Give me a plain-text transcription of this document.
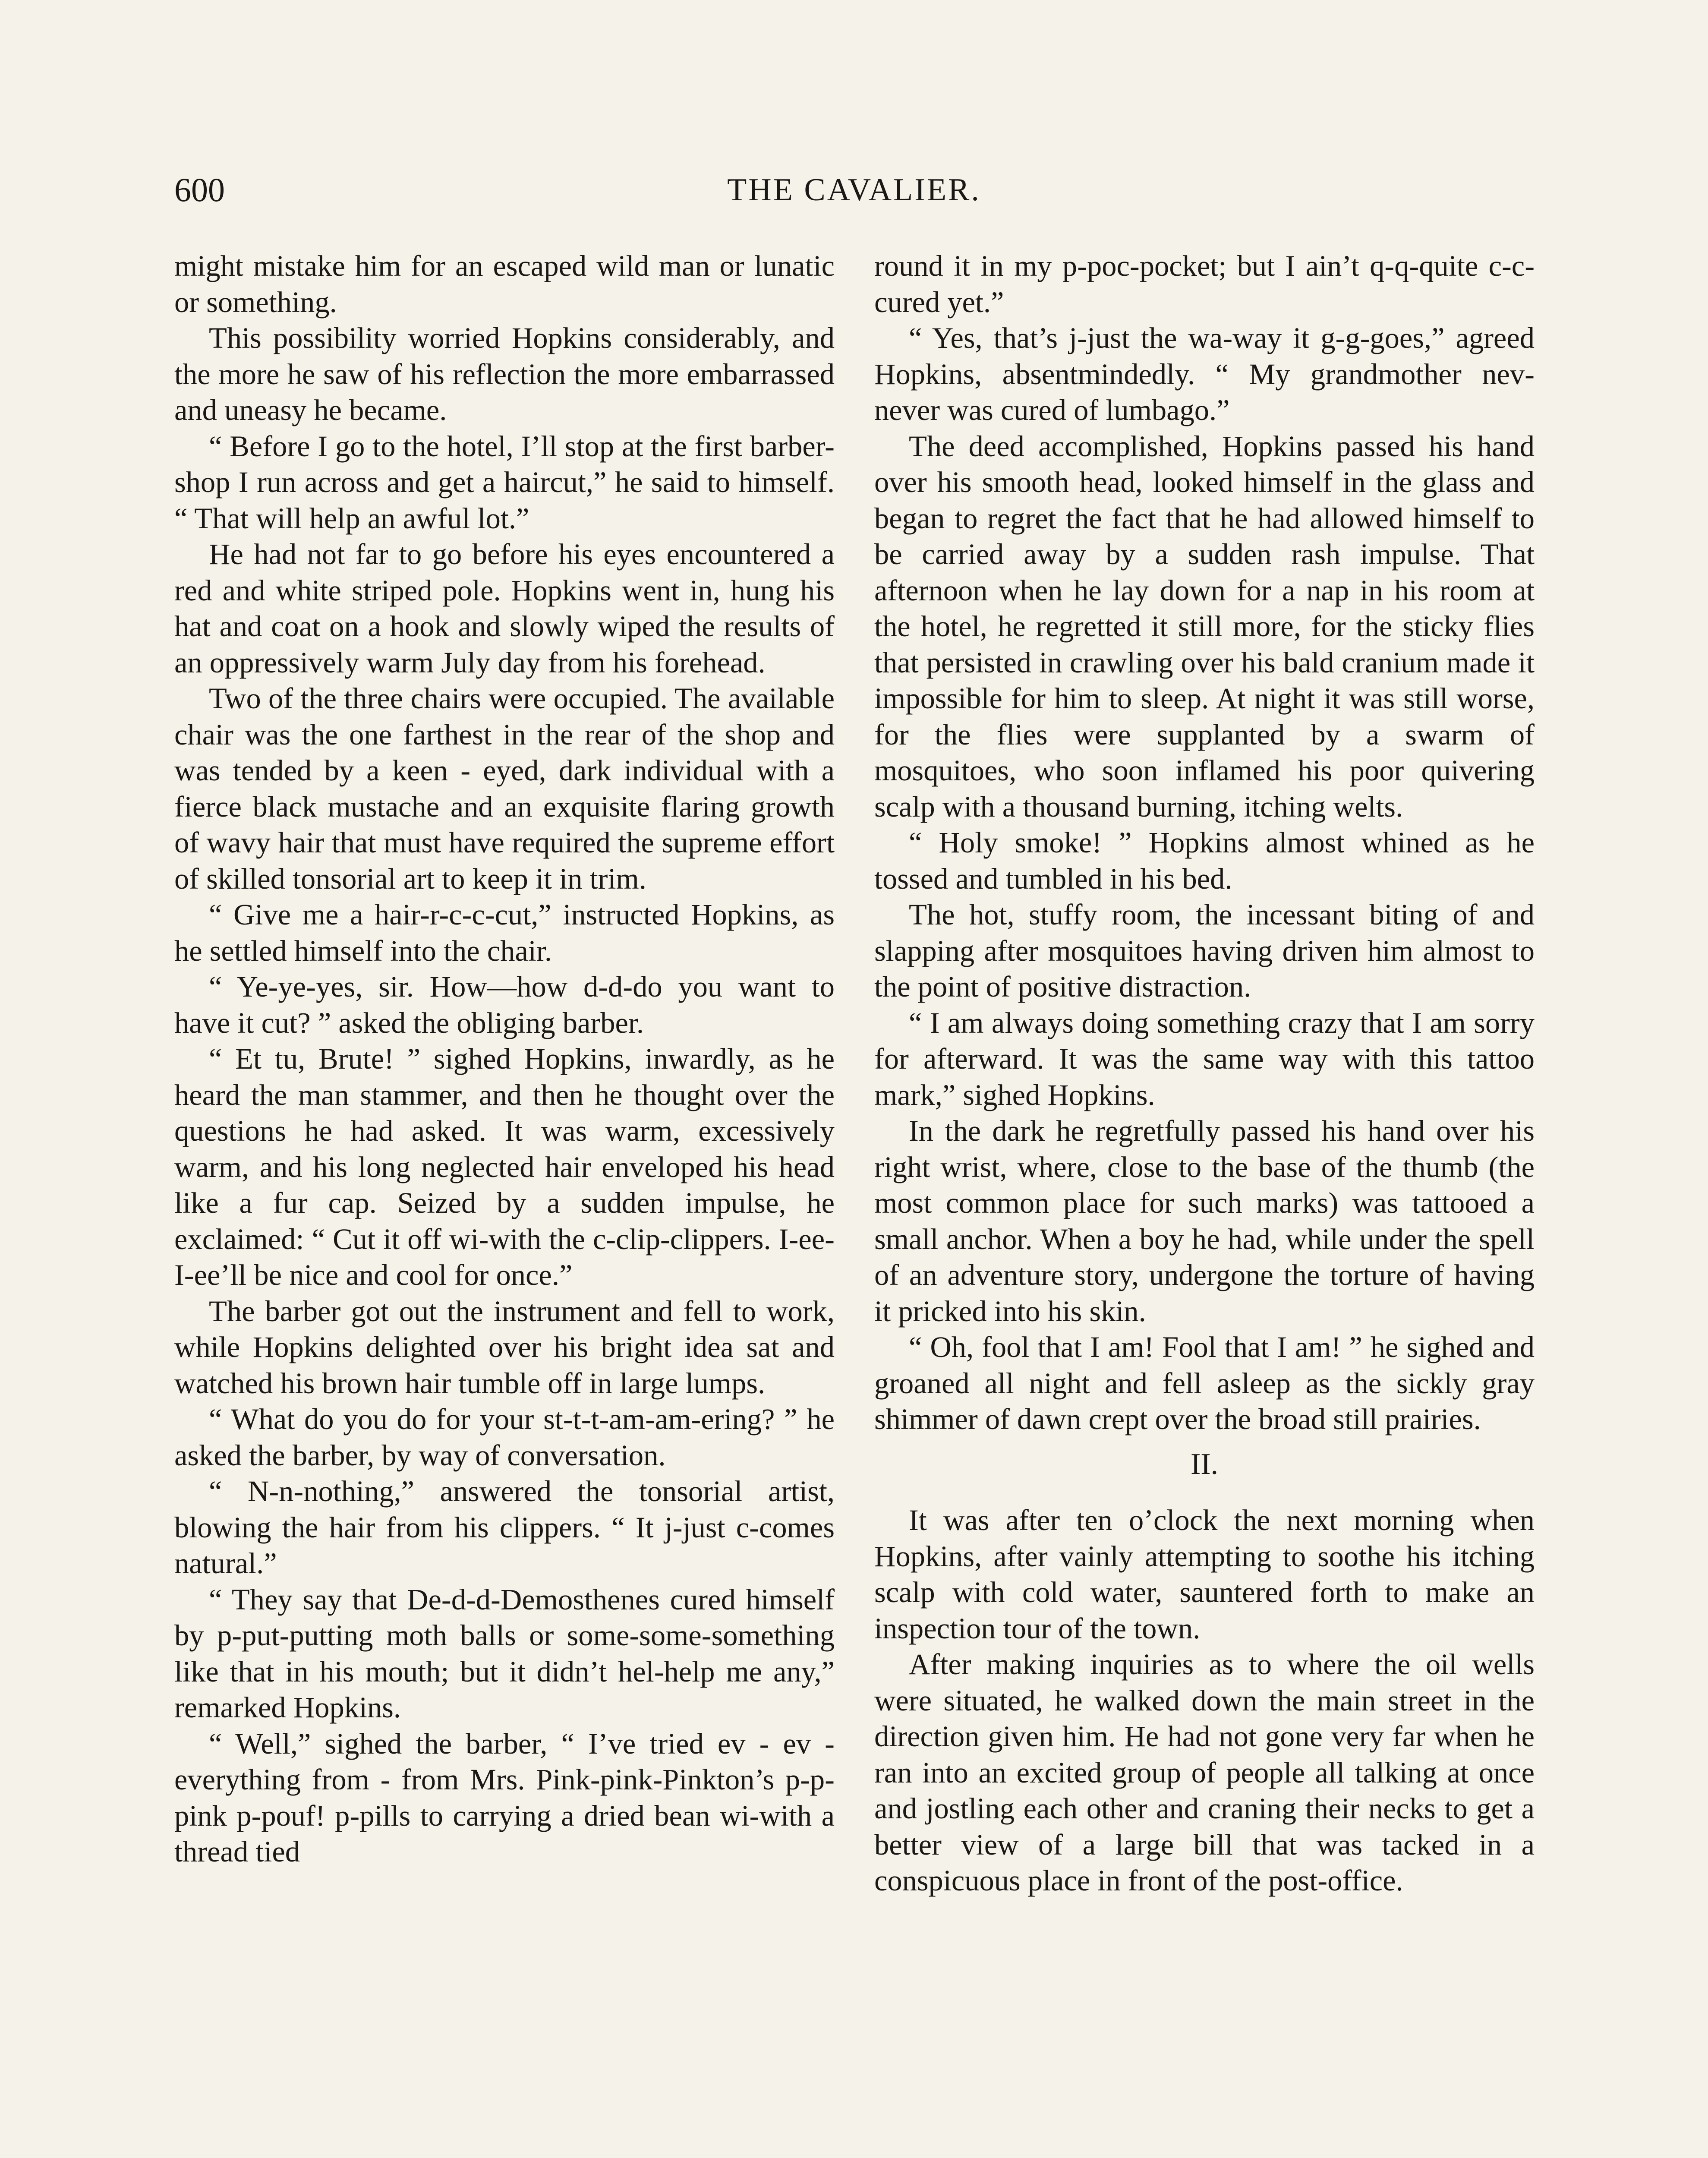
600	THE CAVALIER.

might mistake him for an escaped wild man or lunatic or something.

This possibility worried Hopkins considerably, and the more he saw of his reflection the more embarrassed and uneasy he became.

“ Before I go to the hotel, I’ll stop at the first barber-shop I run across and get a haircut,” he said to himself. “ That will help an awful lot.”

He had not far to go before his eyes encountered a red and white striped pole. Hopkins went in, hung his hat and coat on a hook and slowly wiped the results of an oppressively warm July day from his forehead.

Two of the three chairs were occupied. The available chair was the one farthest in the rear of the shop and was tended by a keen - eyed, dark individual with a fierce black mustache and an exquisite flaring growth of wavy hair that must have required the supreme effort of skilled tonsorial art to keep it in trim.

“ Give me a hair-r-c-c-cut,” instructed Hopkins, as he settled himself into the chair.

“ Ye-ye-yes, sir. How—how d-d-do you want to have it cut? ” asked the obliging barber.

“ Et tu, Brute! ” sighed Hopkins, inwardly, as he heard the man stammer, and then he thought over the questions he had asked. It was warm, excessively warm, and his long neglected hair enveloped his head like a fur cap. Seized by a sudden impulse, he exclaimed: “ Cut it off wi-with the c-clip-clippers. I-ee-I-ee’ll be nice and cool for once.”

The barber got out the instrument and fell to work, while Hopkins delighted over his bright idea sat and watched his brown hair tumble off in large lumps.

“ What do you do for your st-t-t-am-am-ering? ” he asked the barber, by way of conversation.

“ N-n-nothing,” answered the tonsorial artist, blowing the hair from his clippers. “ It j-just c-comes natural.”

“ They say that De-d-d-Demosthenes cured himself by p-put-putting moth balls or some-some-something like that in his mouth; but it didn’t hel-help me any,” remarked Hopkins.

“ Well,” sighed the barber, “ I’ve tried ev - ev - everything from - from Mrs. Pink-pink-Pinkton’s p-p-pink p-pouf! p-pills to carrying a dried bean wi-with a thread tied

round it in my p-poc-pocket; but I ain’t q-q-quite c-c-cured yet.”

“ Yes, that’s j-just the wa-way it g-g-goes,” agreed Hopkins, absentmindedly. “ My grandmother nev-never was cured of lumbago.”

The deed accomplished, Hopkins passed his hand over his smooth head, looked himself in the glass and began to regret the fact that he had allowed himself to be carried away by a sudden rash impulse. That afternoon when he lay down for a nap in his room at the hotel, he regretted it still more, for the sticky flies that persisted in crawling over his bald cranium made it impossible for him to sleep. At night it was still worse, for the flies were supplanted by a swarm of mosquitoes, who soon inflamed his poor quivering scalp with a thousand burning, itching welts.

“ Holy smoke! ” Hopkins almost whined as he tossed and tumbled in his bed.

The hot, stuffy room, the incessant biting of and slapping after mosquitoes having driven him almost to the point of positive distraction.

“ I am always doing something crazy that I am sorry for afterward. It was the same way with this tattoo mark,” sighed Hopkins.

In the dark he regretfully passed his hand over his right wrist, where, close to the base of the thumb (the most common place for such marks) was tattooed a small anchor. When a boy he had, while under the spell of an adventure story, undergone the torture of having it pricked into his skin.

“ Oh, fool that I am! Fool that I am! ” he sighed and groaned all night and fell asleep as the sickly gray shimmer of dawn crept over the broad still prairies.

II.

It was after ten o’clock the next morning when Hopkins, after vainly attempting to soothe his itching scalp with cold water, sauntered forth to make an inspection tour of the town.

After making inquiries as to where the oil wells were situated, he walked down the main street in the direction given him. He had not gone very far when he ran into an excited group of people all talking at once and jostling each other and craning their necks to get a better view of a large bill that was tacked in a conspicuous place in front of the post-office.
